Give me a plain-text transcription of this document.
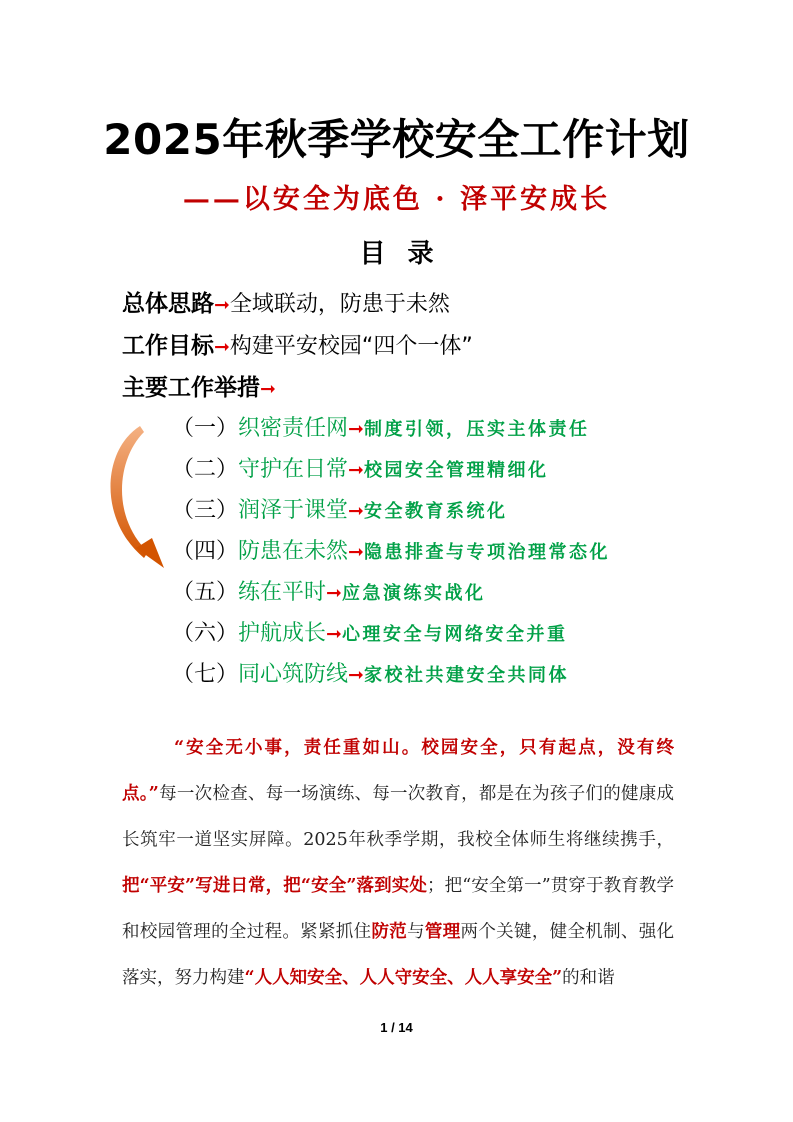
2025年秋季学校安全工作计划
——以安全为底色 · 泽平安成长
目录
总体思路➞全域联动，防患于未然
工作目标➞构建平安校园“四个一体”
主要工作举措➞
（一）织密责任网➞制度引领，压实主体责任
（二）守护在日常➞校园安全管理精细化
（三）润泽于课堂➞安全教育系统化
（四）防患在未然➞隐患排查与专项治理常态化
（五）练在平时➞应急演练实战化
（六）护航成长➞心理安全与网络安全并重
（七）同心筑防线➞家校社共建安全共同体
“安全无小事，责任重如山。校园安全，只有起点，没有终点。”每一次检查、每一场演练、每一次教育，都是在为孩子们的健康成长筑牢一道坚实屏障。2025年秋季学期，我校全体师生将继续携手，把“平安”写进日常，把“安全”落到实处；把“安全第一”贯穿于教育教学和校园管理的全过程。紧紧抓住防范与管理两个关键，健全机制、强化落实，努力构建“人人知安全、人人守安全、人人享安全”的和谐
1 / 14
